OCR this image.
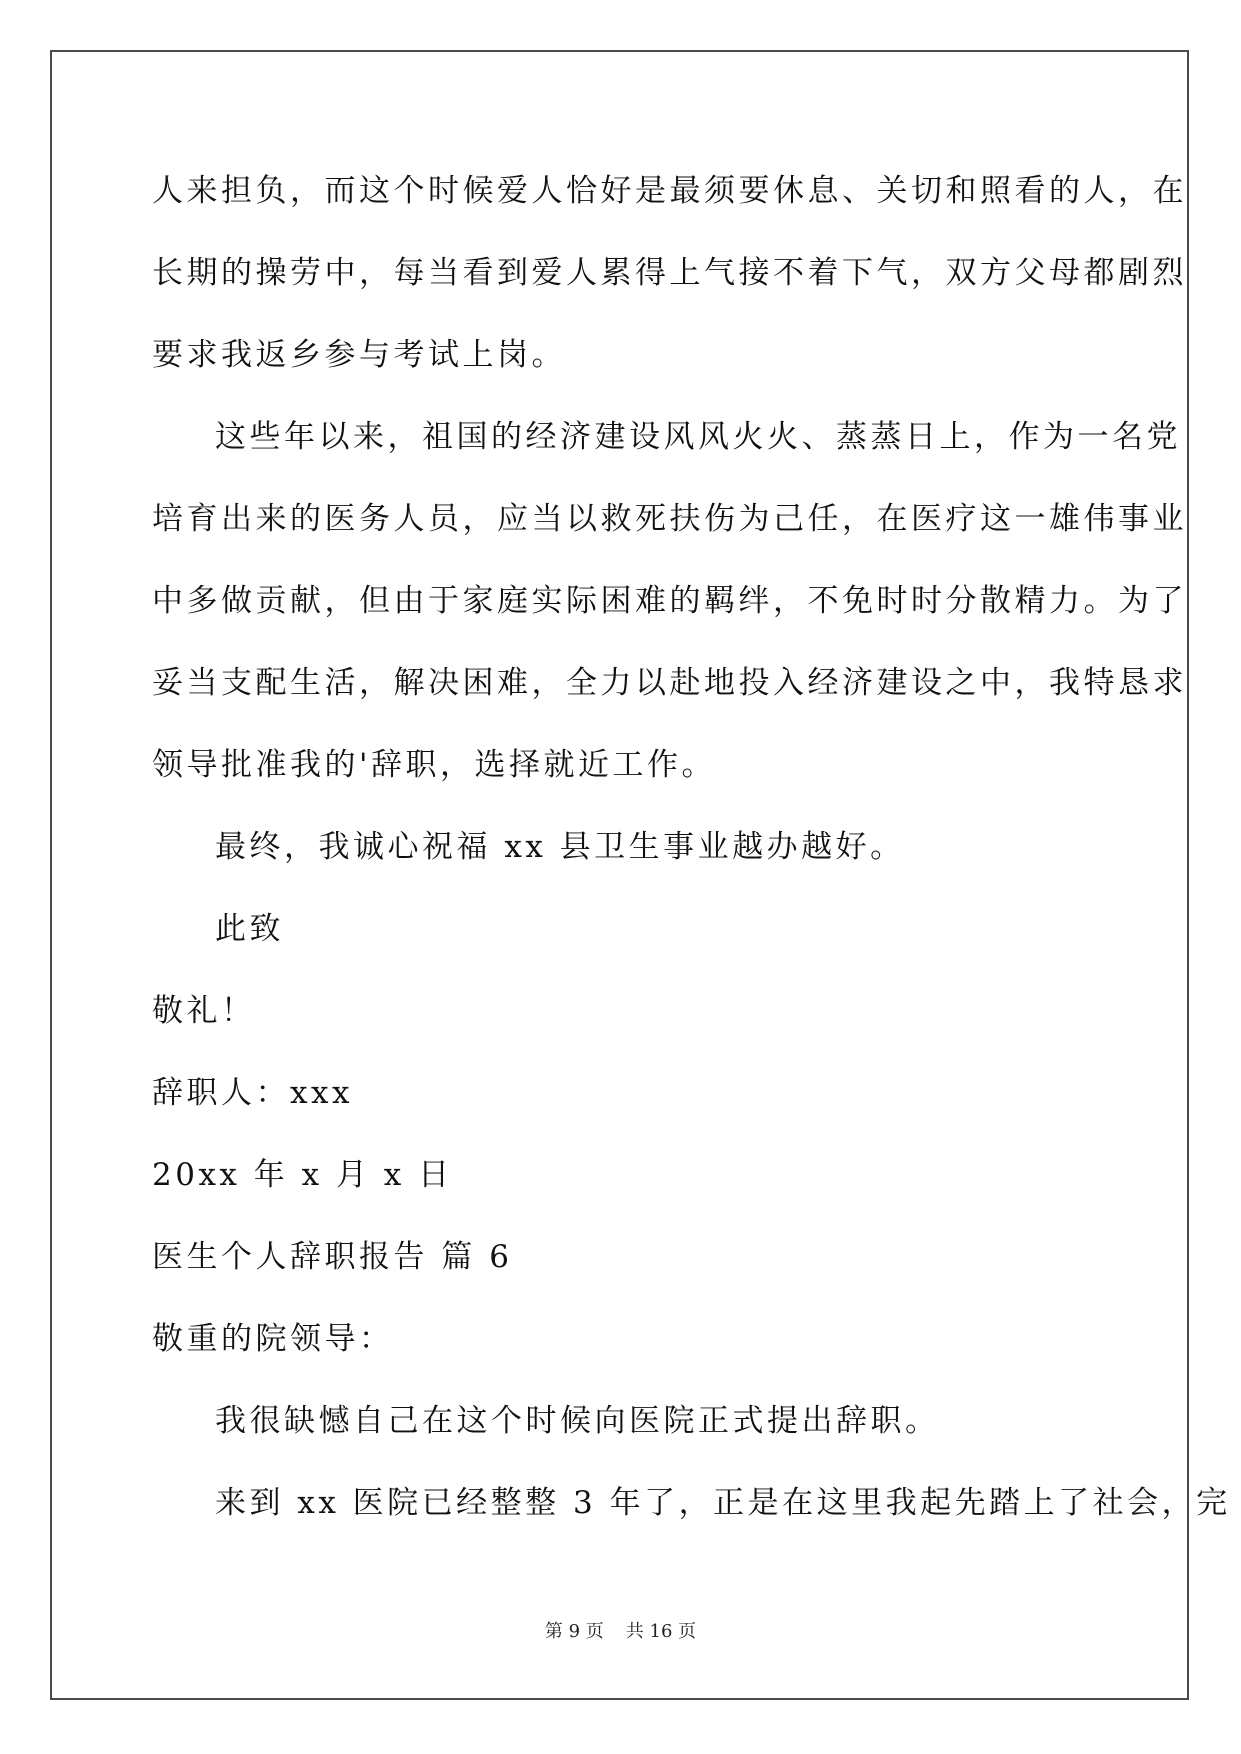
人来担负，而这个时候爱人恰好是最须要休息、关切和照看的人，在
长期的操劳中，每当看到爱人累得上气接不着下气，双方父母都剧烈
要求我返乡参与考试上岗。
这些年以来，祖国的经济建设风风火火、蒸蒸日上，作为一名党
培育出来的医务人员，应当以救死扶伤为己任，在医疗这一雄伟事业
中多做贡献，但由于家庭实际困难的羁绊，不免时时分散精力。为了
妥当支配生活，解决困难，全力以赴地投入经济建设之中，我特恳求
领导批准我的'辞职，选择就近工作。
最终，我诚心祝福 xx 县卫生事业越办越好。
此致
敬礼！
辞职人：xxx
20xx 年 x 月 x 日
医生个人辞职报告 篇 6
敬重的院领导：
我很缺憾自己在这个时候向医院正式提出辞职。
来到 xx 医院已经整整 3 年了，正是在这里我起先踏上了社会，完
第 9 页 共 16 页
